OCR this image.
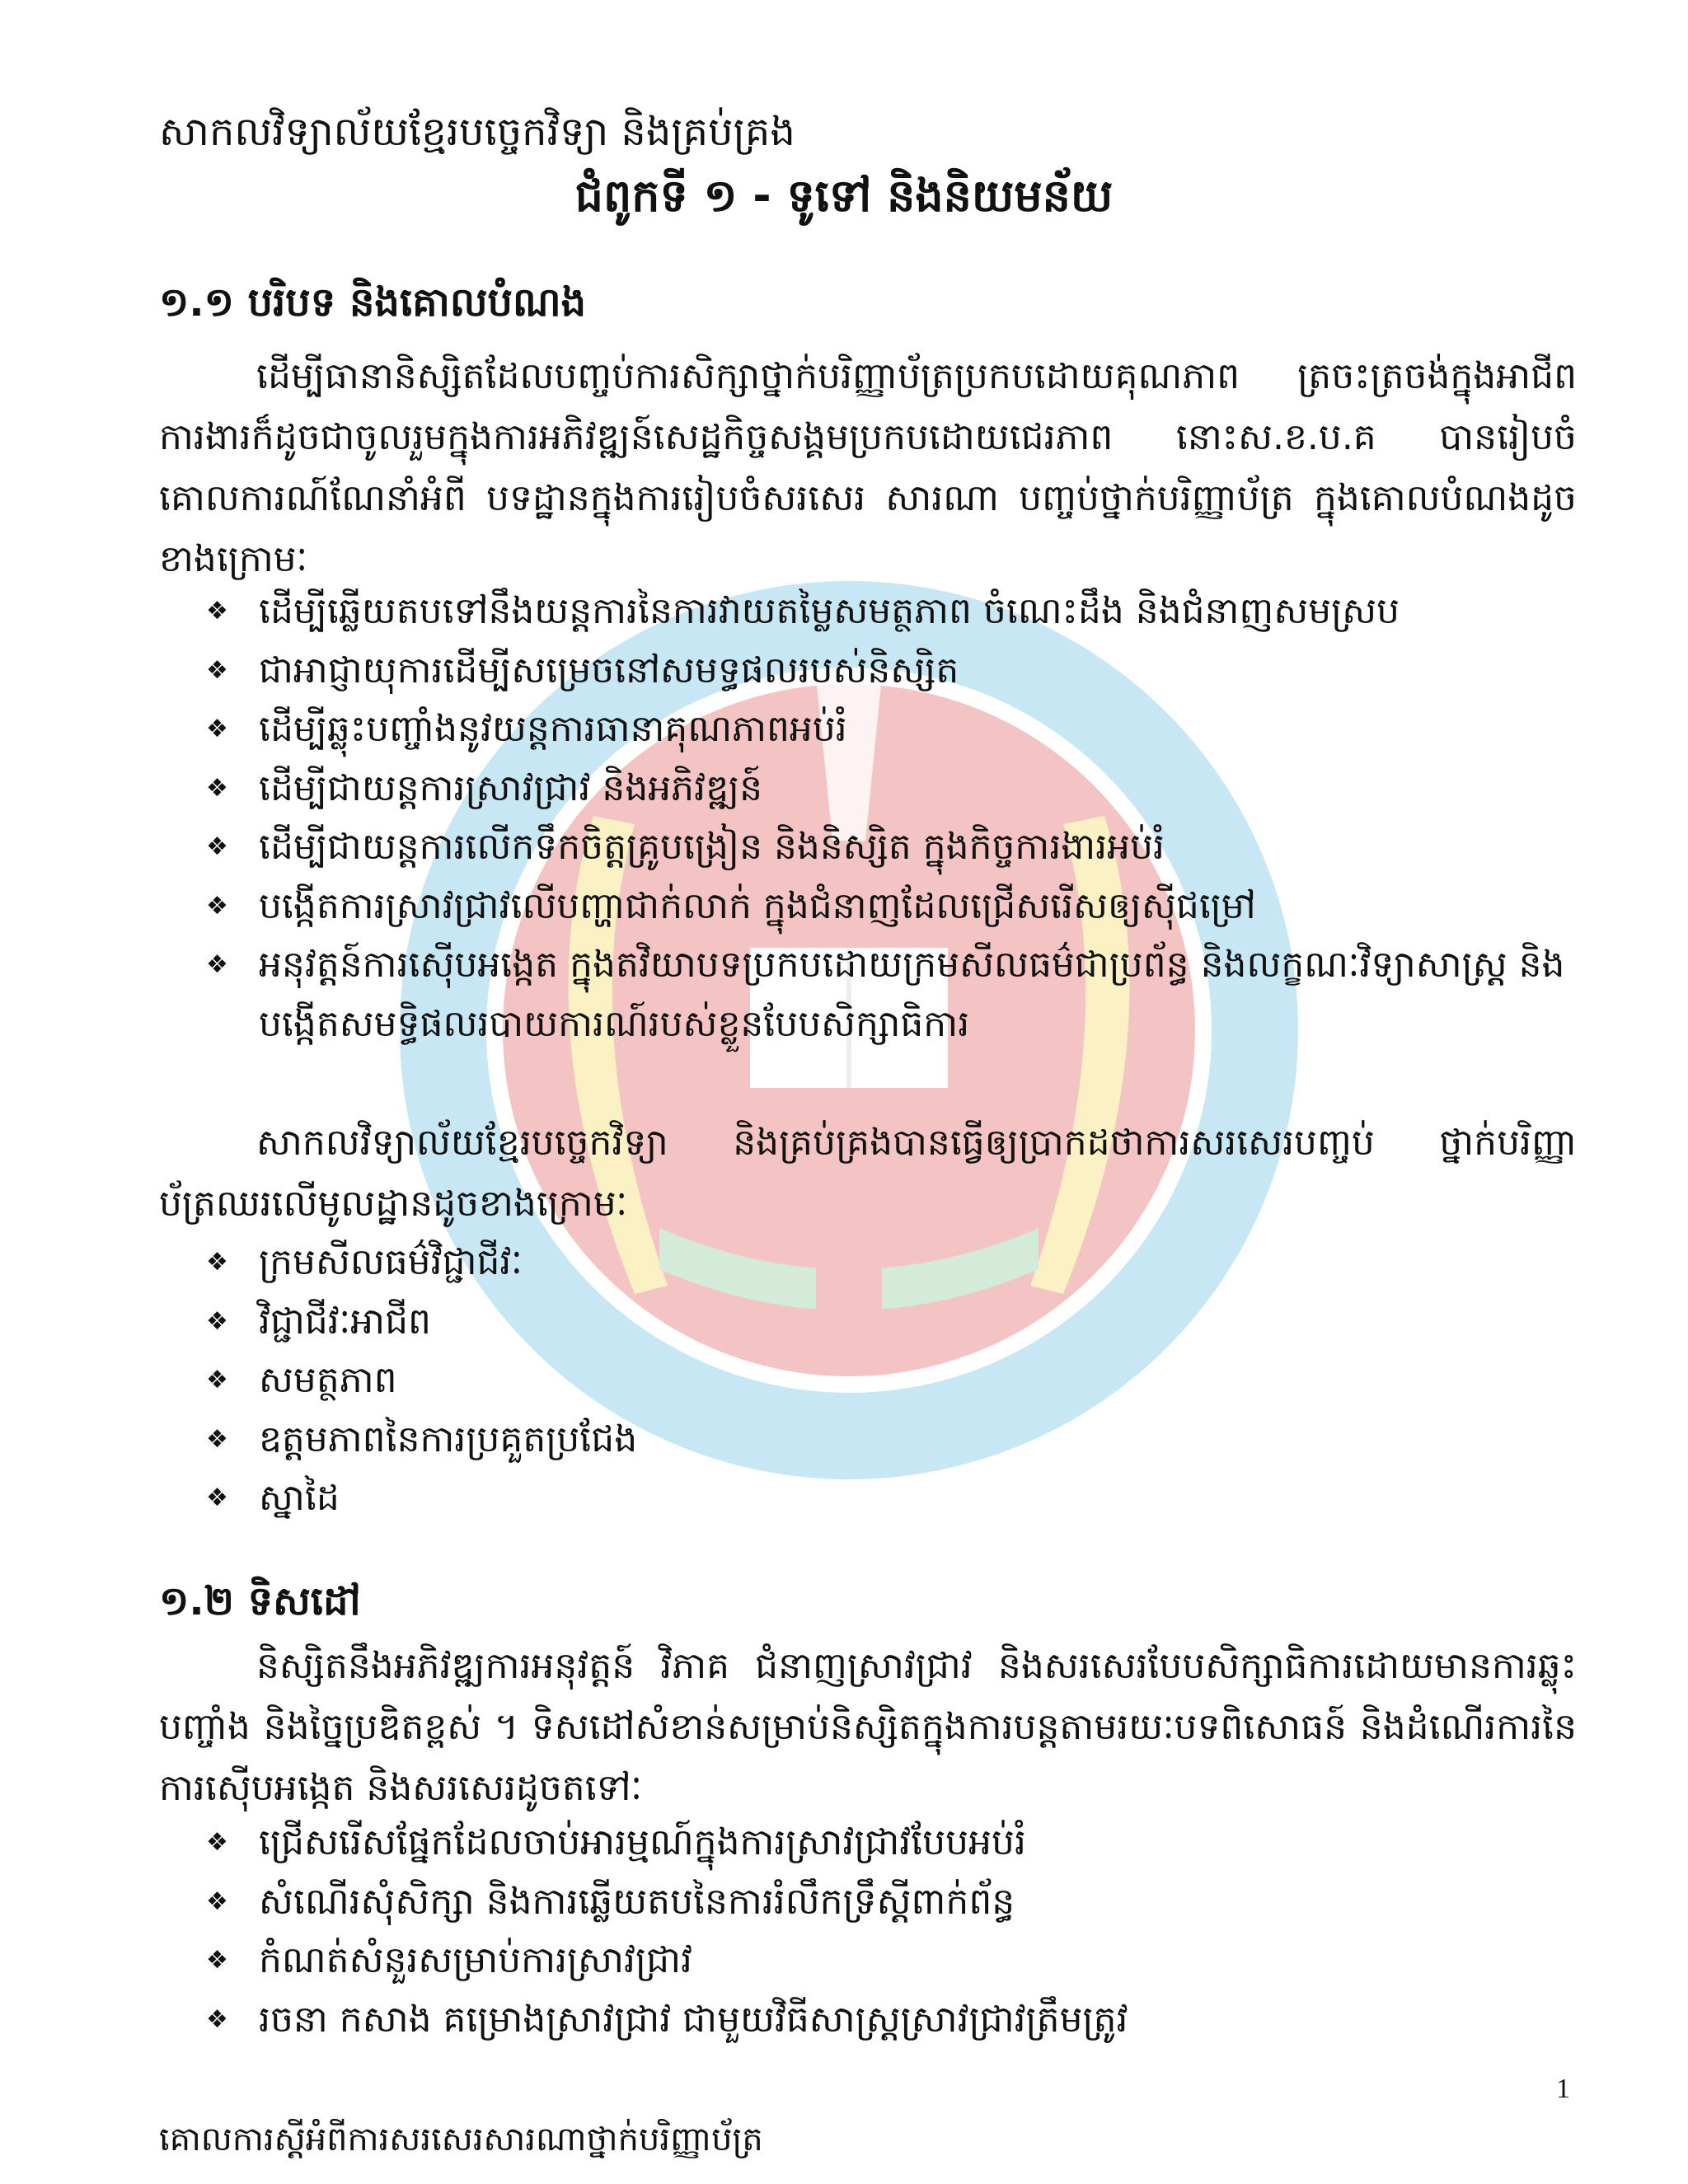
សាកលវិទ្យាល័យខ្មែរបច្ចេកវិទ្យា និងគ្រប់គ្រង
ជំពូកទី ១ - ទូទៅ និងនិយមន័យ
១.១ បរិបទ និងគោលបំណង
ដើម្បីធានានិស្សិតដែលបញ្ចប់ការសិក្សាថ្នាក់បរិញ្ញាប័ត្រប្រកបដោយគុណភាព ត្រចះត្រចង់ក្នុងអាជីពការងារក៏ដូចជាចូលរួមក្នុងការអភិវឌ្ឍន៍សេដ្ឋកិច្ចសង្គមប្រកបដោយជេរភាព នោះស.ខ.ប.គ បានរៀបចំគោលការណ៍ណែនាំអំពី បទដ្ឋានក្នុងការរៀបចំសរសេរ សារណា បញ្ចប់ថ្នាក់បរិញ្ញាប័ត្រ ក្នុងគោលបំណងដូចខាងក្រោមៈ
❖ ដើម្បីឆ្លើយតបទៅនឹងយន្តការនៃការវាយតម្លៃសមត្ថភាព ចំណេះដឹង និងជំនាញសមស្រប
❖ ជាអាជ្ញាយុការដើម្បីសម្រេចនៅសមទ្ធផលរបស់និស្សិត
❖ ដើម្បីឆ្លុះបញ្ចាំងនូវយន្តការធានាគុណភាពអប់រំ
❖ ដើម្បីជាយន្តការស្រាវជ្រាវ និងអភិវឌ្ឍន៍
❖ ដើម្បីជាយន្តការលើកទឹកចិត្តគ្រូបង្រៀន និងនិស្សិត ក្នុងកិច្ចការងារអប់រំ
❖ បង្កើតការស្រាវជ្រាវលើបញ្ហាជាក់លាក់ ក្នុងជំនាញដែលជ្រើសរើសឲ្យស៊ីជម្រៅ
❖ អនុវត្តន៍ការស៊ើបអង្កេត ក្នុងតវិយាបទប្រកបដោយក្រមសីលធម៌ជាប្រព័ន្ធ និងលក្ខណៈវិទ្យាសាស្ត្រ និងបង្កើតសមទ្ធិផលរបាយការណ៍របស់ខ្លួនបែបសិក្សាធិការ
សាកលវិទ្យាល័យខ្មែរបច្ចេកវិទ្យា និងគ្រប់គ្រងបានធ្វើឲ្យប្រាកដថាការសរសេរបញ្ចប់ ថ្នាក់បរិញ្ញាប័ត្រឈរលើមូលដ្ឋានដូចខាងក្រោមៈ
❖ ក្រមសីលធម៌វិជ្ជាជីវៈ
❖ វិជ្ជាជីវៈអាជីព
❖ សមត្ថភាព
❖ ឧត្តមភាពនៃការប្រគួតប្រជែង
❖ ស្នាដៃ
១.២ ទិសដៅ
និស្សិតនឹងអភិវឌ្ឍការអនុវត្តន៍ វិភាគ ជំនាញស្រាវជ្រាវ និងសរសេរបែបសិក្សាធិការដោយមានការឆ្លុះបញ្ចាំង និងច្នៃប្រឌិតខ្ពស់ ។ ទិសដៅសំខាន់សម្រាប់និស្សិតក្នុងការបន្តតាមរយៈបទពិសោធន៍ និងដំណើរការនៃការស៊ើបអង្កេត និងសរសេរដូចតទៅៈ
❖ ជ្រើសរើសផ្នែកដែលចាប់អារម្មណ៍ក្នុងការស្រាវជ្រាវបែបអប់រំ
❖ សំណើរសុំសិក្សា និងការឆ្លើយតបនៃការរំលឹកទ្រឹស្តីពាក់ព័ន្ធ
❖ កំណត់សំនួរសម្រាប់ការស្រាវជ្រាវ
❖ រចនា កសាង គម្រោងស្រាវជ្រាវ ជាមួយវិធីសាស្ត្រស្រាវជ្រាវត្រឹមត្រូវ
1
គោលការស្តីអំពីការសរសេរសារណាថ្នាក់បរិញ្ញាប័ត្រ
